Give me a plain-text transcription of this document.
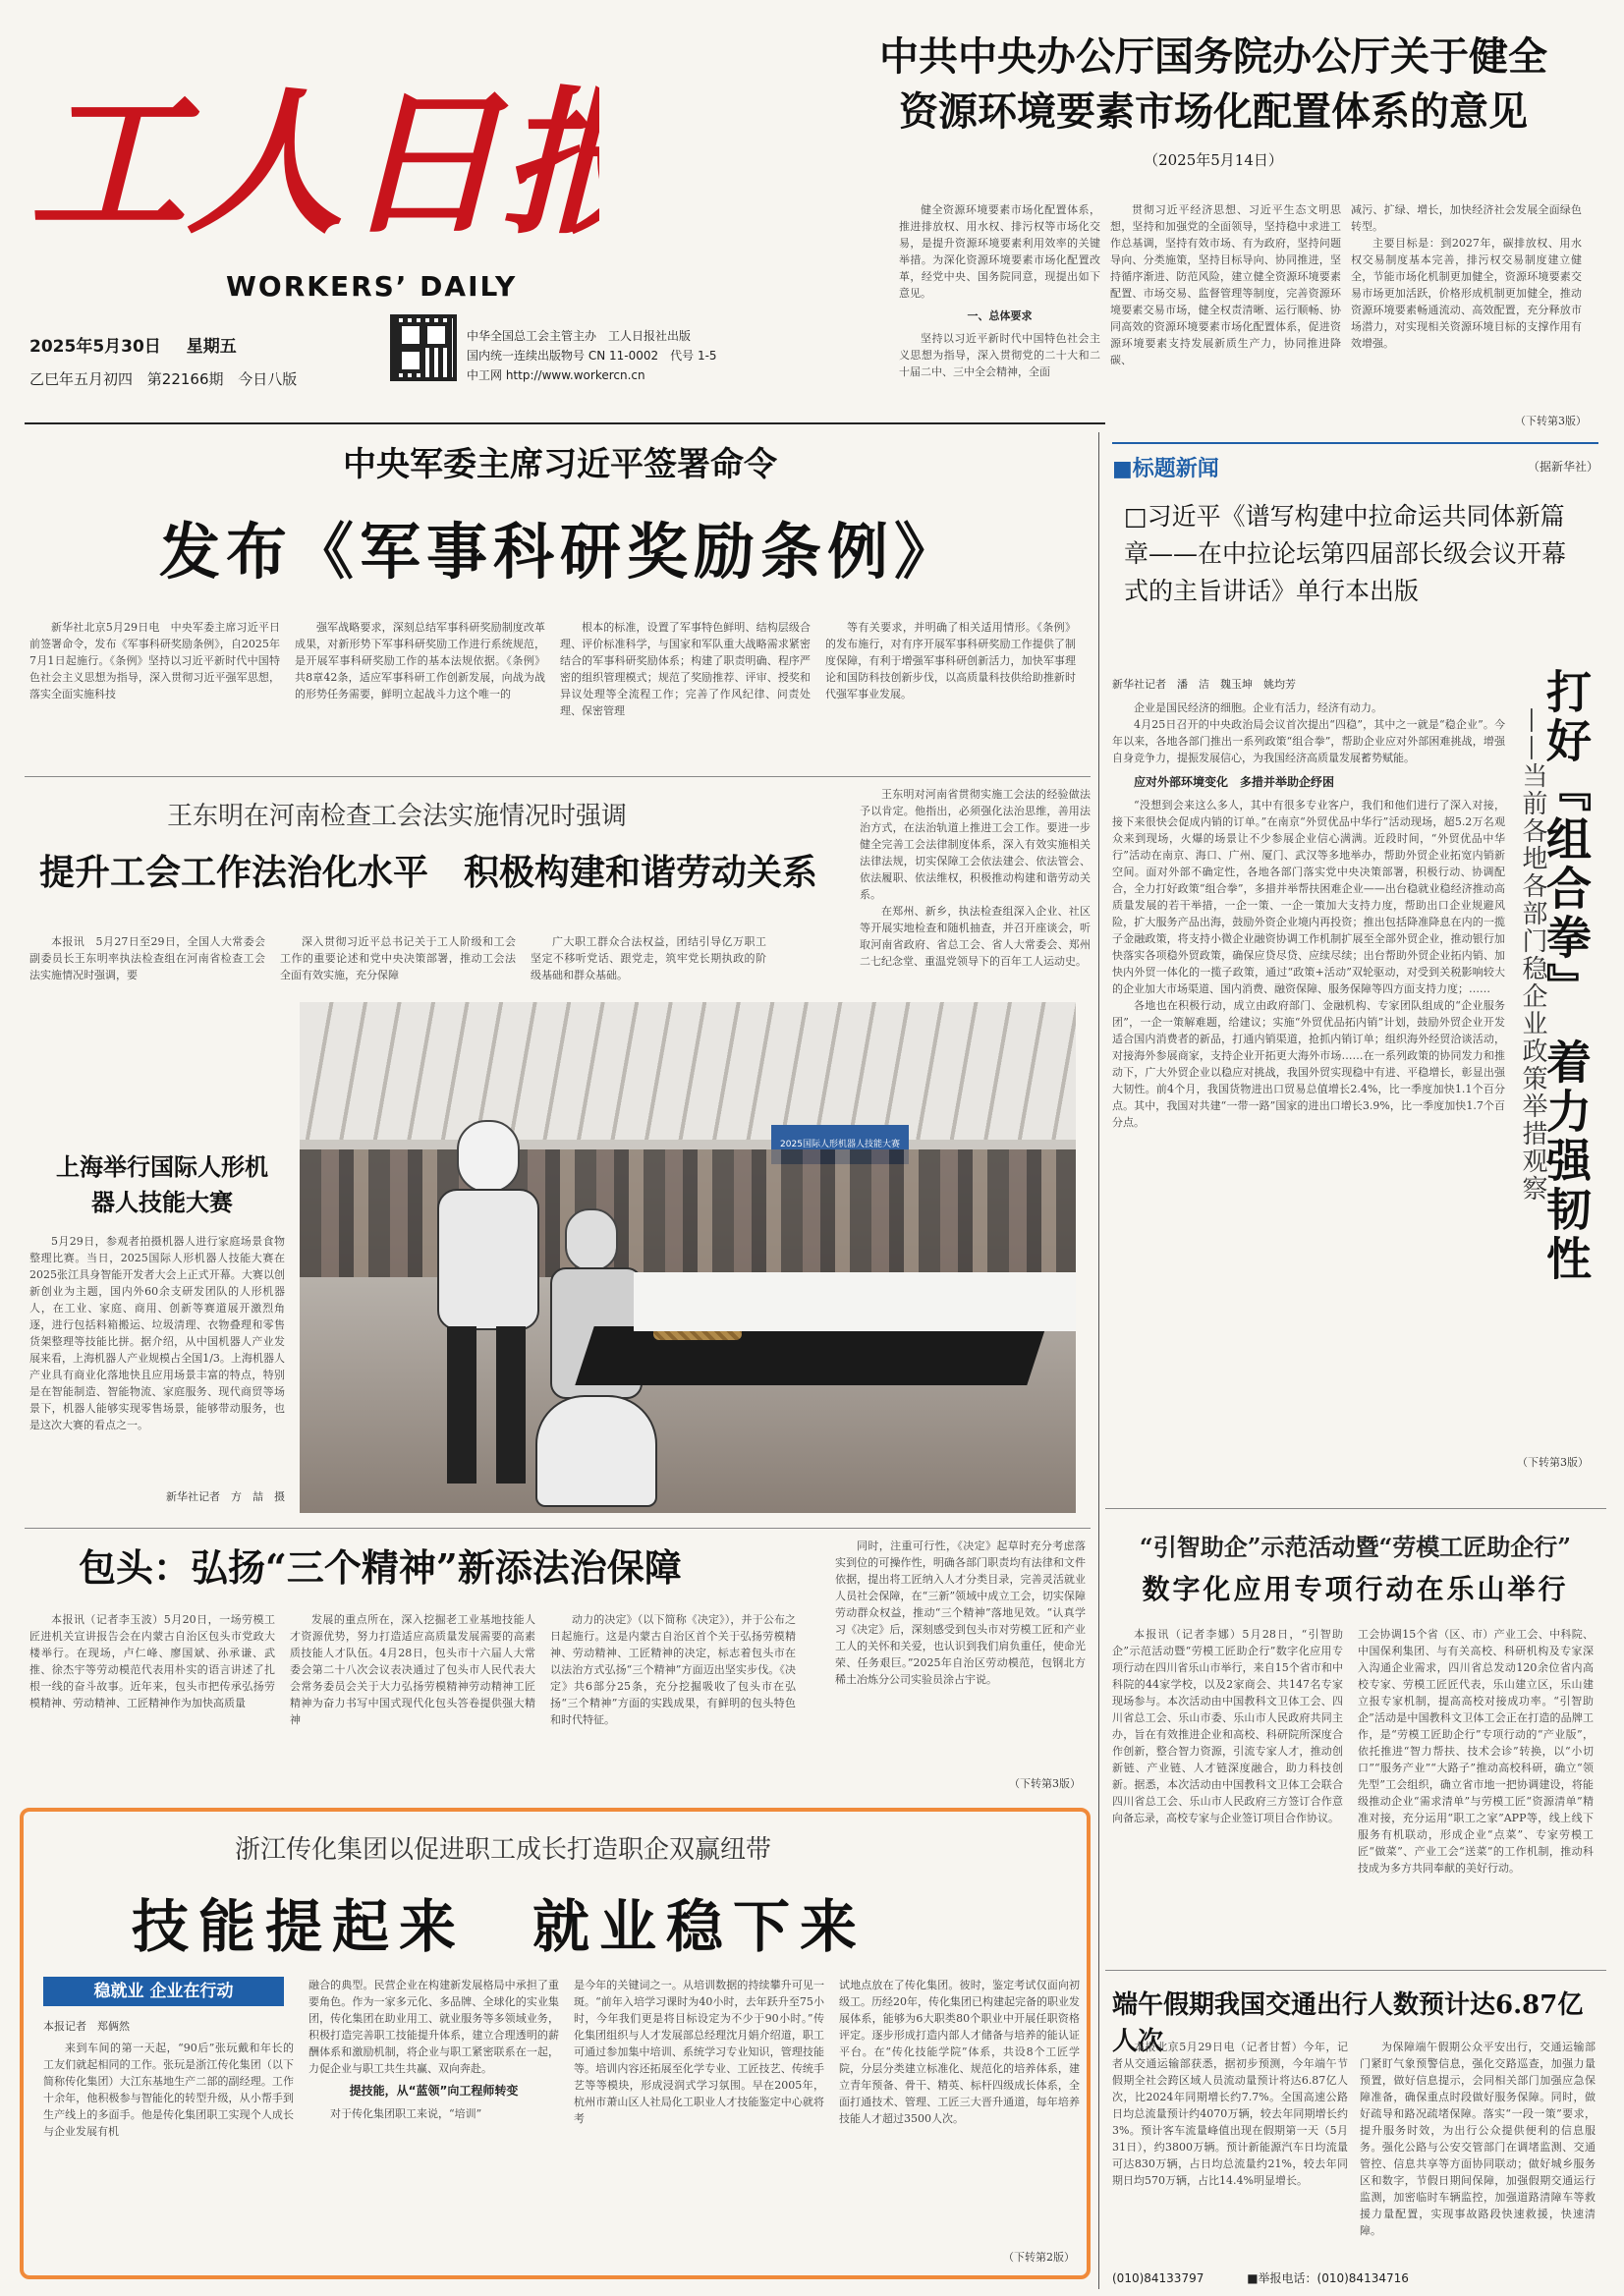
工人日报
WORKERS’ DAILY
2025年5月30日 星期五
乙巳年五月初四 第22166期 今日八版
中华全国总工会主管主办　 工人日报社出版
国内统一连续出版物号 CN 11-0002　 代号 1-5
中工网 http://www.workercn.cn
中共中央办公厅国务院办公厅关于健全
资源环境要素市场化配置体系的意见
（2025年5月14日）

健全资源环境要素市场化配置体系，推进排放权、用水权、排污权等市场化交易，是提升资源环境要素利用效率的关键举措。为深化资源环境要素市场化配置改革，经党中央、国务院同意，现提出如下意见。

一、总体要求

坚持以习近平新时代中国特色社会主义思想为指导，深入贯彻党的二十大和二十届二中、三中全会精神，全面

贯彻习近平经济思想、习近平生态文明思想，坚持和加强党的全面领导，坚持稳中求进工作总基调，坚持有效市场、有为政府，坚持问题导向、分类施策，坚持目标导向、协同推进，坚持循序渐进、防范风险，建立健全资源环境要素配置、市场交易、监督管理等制度，完善资源环境要素交易市场，健全权责清晰、运行顺畅、协同高效的资源环境要素市场化配置体系，促进资源环境要素支持发展新质生产力，协同推进降碳、

减污、扩绿、增长，加快经济社会发展全面绿色转型。

主要目标是：到2027年，碳排放权、用水权交易制度基本完善，排污权交易制度建立健全，节能市场化机制更加健全，资源环境要素交易市场更加活跃，价格形成机制更加健全，推动资源环境要素畅通流动、高效配置，充分释放市场潜力，对实现相关资源环境目标的支撑作用有效增强。

（下转第3版）
中央军委主席习近平签署命令
发布《军事科研奖励条例》

新华社北京5月29日电　中央军委主席习近平日前签署命令，发布《军事科研奖励条例》，自2025年7月1日起施行。《条例》坚持以习近平新时代中国特色社会主义思想为指导，深入贯彻习近平强军思想，落实全面实施科技

强军战略要求，深刻总结军事科研奖励制度改革成果，对新形势下军事科研奖励工作进行系统规范，是开展军事科研奖励工作的基本法规依据。《条例》共8章42条，适应军事科研工作创新发展，向战为战的形势任务需要，鲜明立起战斗力这个唯一的

根本的标准，设置了军事特色鲜明、结构层级合理、评价标准科学，与国家和军队重大战略需求紧密结合的军事科研奖励体系；构建了职责明确、程序严密的组织管理模式；规范了奖励推荐、评审、授奖和异议处理等全流程工作；完善了作风纪律、问责处理、保密管理

等有关要求，并明确了相关适用情形。《条例》的发布施行，对有序开展军事科研奖励工作提供了制度保障，有利于增强军事科研创新活力，加快军事理论和国防科技创新步伐，以高质量科技供给助推新时代强军事业发展。

■标题新闻	（据新华社）
□习近平《谱写构建中拉命运共同体新篇章——在中拉论坛第四届部长级会议开幕式的主旨讲话》单行本出版
王东明在河南检查工会法实施情况时强调
提升工会工作法治化水平　积极构建和谐劳动关系

本报讯　5月27日至29日，全国人大常委会副委员长王东明率执法检查组在河南省检查工会法实施情况时强调，要

深入贯彻习近平总书记关于工人阶级和工会工作的重要论述和党中央决策部署，推动工会法全面有效实施，充分保障

广大职工群众合法权益，团结引导亿万职工坚定不移听党话、跟党走，筑牢党长期执政的阶级基础和群众基础。

王东明对河南省贯彻实施工会法的经验做法予以肯定。他指出，必须强化法治思维，善用法治方式，在法治轨道上推进工会工作。要进一步健全完善工会法律制度体系，深入有效实施相关法律法规，切实保障工会依法建会、依法管会、依法履职、依法维权，积极推动构建和谐劳动关系。

在郑州、新乡，执法检查组深入企业、社区等开展实地检查和随机抽查，并召开座谈会，听取河南省政府、省总工会、省人大常委会、郑州二七纪念堂、重温党领导下的百年工人运动史。

上海举行国际人形机器人技能大赛

5月29日，参观者拍摄机器人进行家庭场景食物整理比赛。当日，2025国际人形机器人技能大赛在2025张江具身智能开发者大会上正式开幕。大赛以创新创业为主题，国内外60余支研发团队的人形机器人，在工业、家庭、商用、创新等赛道展开激烈角逐，进行包括料箱搬运、垃圾清理、衣物叠理和零售货架整理等技能比拼。据介绍，从中国机器人产业发展来看，上海机器人产业规模占全国1/3。上海机器人产业具有商业化落地快且应用场景丰富的特点，特别是在智能制造、智能物流、家庭服务、现代商贸等场景下，机器人能够实现零售场景，能够带动服务，也是这次大赛的看点之一。

新华社记者　方　喆　摄
2025国际人形机器人技能大赛
新华社记者　潘　洁　魏玉坤　姚均芳

企业是国民经济的细胞。企业有活力，经济有动力。

4月25日召开的中央政治局会议首次提出“四稳”，其中之一就是“稳企业”。今年以来，各地各部门推出一系列政策“组合拳”，帮助企业应对外部困难挑战，增强自身竞争力，提振发展信心，为我国经济高质量发展蓄势赋能。

应对外部环境变化　多措并举助企纾困

“没想到会来这么多人，其中有很多专业客户，我们和他们进行了深入对接，接下来很快会促成内销的订单。”在南京“外贸优品中华行”活动现场，超5.2万名观众来到现场，火爆的场景让不少参展企业信心满满。近段时间，“外贸优品中华行”活动在南京、海口、广州、厦门、武汉等多地举办，帮助外贸企业拓宽内销新空间。面对外部不确定性，各地各部门落实党中央决策部署，积极行动、协调配合，全力打好政策“组合拳”，多措并举帮扶困难企业——出台稳就业稳经济推动高质量发展的若干举措，一企一策、一企一策加大支持力度，帮助出口企业规避风险，扩大服务产品出海，鼓励外资企业境内再投资；推出包括降准降息在内的一揽子金融政策，将支持小微企业融资协调工作机制扩展至全部外贸企业，推动银行加快落实各项稳外贸政策，确保应贷尽贷、应续尽续；出台帮助外贸企业拓内销、加快内外贸一体化的一揽子政策，通过“政策+活动”双轮驱动，对受到关税影响较大的企业加大市场渠道、国内消费、融资保障、服务保障等四方面支持力度；……

各地也在积极行动，成立由政府部门、金融机构、专家团队组成的“企业服务团”，一企一策解难题，给建议；实施“外贸优品拓内销”计划，鼓励外贸企业开发适合国内消费者的新品，打通内销渠道，抢抓内销订单；组织海外经贸洽谈活动，对接海外参展商家，支持企业开拓更大海外市场……在一系列政策的协同发力和推动下，广大外贸企业以稳应对挑战，我国外贸实现稳中有进、平稳增长，彰显出强大韧性。前4个月，我国货物进出口贸易总值增长2.4%，比一季度加快1.1个百分点。其中，我国对共建“一带一路”国家的进出口增长3.9%，比一季度加快1.7个百分点。	打好『组合拳』　着力强韧性
——当前各地各部门稳企业政策举措观察
（下转第3版）
包头：弘扬“三个精神”新添法治保障

本报讯（记者李玉波）5月20日，一场劳模工匠进机关宣讲报告会在内蒙古自治区包头市党政大楼举行。在现场，卢仁峰、廖国斌、孙承谦、武推、徐杰宇等劳动模范代表用朴实的语言讲述了扎根一线的奋斗故事。近年来，包头市把传承弘扬劳模精神、劳动精神、工匠精神作为加快高质量

发展的重点所在，深入挖掘老工业基地技能人才资源优势，努力打造适应高质量发展需要的高素质技能人才队伍。4月28日，包头市十六届人大常委会第二十八次会议表决通过了包头市人民代表大会常务委员会关于大力弘扬劳模精神劳动精神工匠精神为奋力书写中国式现代化包头答卷提供强大精神

动力的决定》（以下简称《决定》），并于公布之日起施行。这是内蒙古自治区首个关于弘扬劳模精神、劳动精神、工匠精神的决定，标志着包头市在以法治方式弘扬“三个精神”方面迈出坚实步伐。《决定》共6部分25条，充分挖掘吸收了包头市在弘扬“三个精神”方面的实践成果，有鲜明的包头特色和时代特征。

同时，注重可行性，《决定》起草时充分考虑落实到位的可操作性，明确各部门职责均有法律和文件依据，提出将工匠纳入人才分类目录，完善灵活就业人员社会保障，在“三新”领域中成立工会，切实保障劳动群众权益，推动“三个精神”落地见效。“认真学习《决定》后，深刻感受到包头市对劳模工匠和产业工人的关怀和关爱，也认识到我们肩负重任，使命光荣、任务艰巨。”2025年自治区劳动模范，包钢北方稀土冶炼分公司实验员涂占宇说。

（下转第3版）
“引智助企”示范活动暨“劳模工匠助企行”
数字化应用专项行动在乐山举行

本报讯（记者李娜）5月28日，“引智助企”示范活动暨“劳模工匠助企行”数字化应用专项行动在四川省乐山市举行，来自15个省市和中科院的44家学校，以及2家商会、共147名专家现场参与。本次活动由中国教科文卫体工会、四川省总工会、乐山市委、乐山市人民政府共同主办，旨在有效推进企业和高校、科研院所深度合作创新，整合智力资源，引流专家人才，推动创新链、产业链、人才链深度融合，助力科技创新。据悉，本次活动由中国教科文卫体工会联合四川省总工会、乐山市人民政府三方签订合作意向备忘录，高校专家与企业签订项目合作协议。

工会协调15个省（区、市）产业工会、中科院、中国保利集团、与有关高校、科研机构及专家深入沟通企业需求，四川省总发动120余位省内高校专家、劳模工匠匠代表，乐山建立区，乐山建立报专家机制，提高高校对接成功率。“引智助企”活动是中国教科文卫体工会正在打造的品牌工作，是“劳模工匠助企行”专项行动的“产业版”，依托推进“智力帮扶、技术会诊”转换，以“小切口”“服务产业”“大路子”推动高校科研，确立“领先型”工会组织，确立省市地一把协调建设，将能级推动企业“需求清单”与劳模工匠“资源清单”精准对接，充分运用“职工之家”APP等，线上线下服务有机联动，形成企业“点菜”、专家劳模工匠“做菜”、产业工会“送菜”的工作机制，推动科技成为多方共同奉献的美好行动。

浙江传化集团以促进职工成长打造职企双赢纽带
技能提起来　就业稳下来
稳就业 企业在行动
本报记者　郑俩然

来到车间的第一天起，“90后”张玩戴和年长的工友们就起相同的工作。张玩是浙江传化集团（以下简称传化集团）大江东基地生产二部的副经理。工作十余年，他积极参与智能化的转型升级，从小帮手到生产线上的多面手。他是传化集团职工实现个人成长与企业发展有机

融合的典型。民营企业在构建新发展格局中承担了重要角色。作为一家多元化、多品牌、全球化的实业集团，传化集团在助业用工、就业服务等多领域业务，积极打造完善职工技能提升体系，建立合理透明的薪酬体系和激励机制，将企业与职工紧密联系在一起，力促企业与职工共生共赢、双向奔赴。

提技能，从“蓝领”向工程师转变

对于传化集团职工来说，“培训”

是今年的关键词之一。从培训数据的持续攀升可见一斑。“前年入培学习课时为40小时，去年跃升至75小时，今年我们更是将目标设定为不少于90小时。”传化集团组织与人才发展部总经理沈月娟介绍道，职工可通过参加集中培训、系统学习专业知识，管理技能等。培训内容还拓展至化学专业、工匠技艺、传统手艺等等模块，形成浸润式学习氛围。早在2005年，杭州市萧山区人社局化工职业人才技能鉴定中心就将考

试地点放在了传化集团。彼时，鉴定考试仅面向初级工。历经20年，传化集团已构建起完备的职业发展体系，能够为6大职类80个职业中开展任职资格评定。逐步形成打造内部人才储备与培养的能认证平台。在“传化技能学院”体系，共设8个工匠学院，分层分类建立标准化、规范化的培养体系，建立青年预备、骨干、精英、标杆四级成长体系，全面打通技术、管理、工匠三大晋升通道，每年培养技能人才超过3500人次。

（下转第2版）
端午假期我国交通出行人数预计达6.87亿人次

本报北京5月29日电（记者甘皙）今年，记者从交通运输部获悉，据初步预测，今年端午节假期全社会跨区域人员流动量预计将达6.87亿人次，比2024年同期增长约7.7%。全国高速公路日均总流量预计约4070万辆，较去年同期增长约3%。预计客车流量峰值出现在假期第一天（5月31日），约3800万辆。预计新能源汽车日均流量可达830万辆，占日均总流量约21%，较去年同期日均570万辆，占比14.4%明显增长。

为保障端午假期公众平安出行，交通运输部门紧盯气象预警信息，强化交路巡查，加强力量预置，做好信息提示，会同相关部门加强应急保障准备，确保重点时段做好服务保障。同时，做好疏导和路况疏堵保障。落实“一段一策”要求，提升服务时效，为出行公众提供便利的信息服务。强化公路与公安交管部门在调堵监测、交通管控、信息共享等方面协同联动；做好城乡服务区和数字，节假日期间保障，加强假期交通运行监测，加密临时车辆监控，加强道路清障车等救援力量配置，实现事故路段快速救援，快速清障。

(010)84133797	■举报电话：(010)84134716
